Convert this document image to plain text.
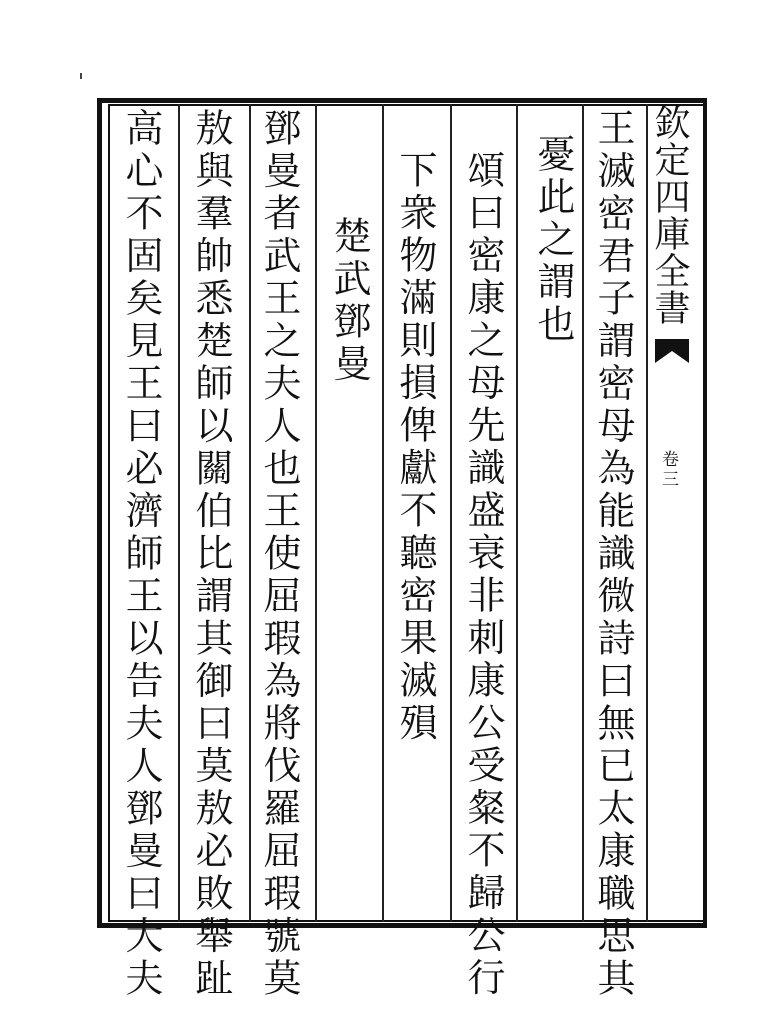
欽定四庫全書
卷三
王滅密君子謂密母為能識微詩曰無已太康職思其
憂此之謂也
頌曰密康之母先識盛衰非刺康公受粲不歸公行
下衆物滿則損俾獻不聽密果滅殞
楚武鄧曼
鄧曼者武王之夫人也王使屈瑕為將伐羅屈瑕號莫
敖與羣帥悉楚師以關伯比謂其御曰莫敖必敗舉趾
高心不固矣見王曰必濟師王以告夫人鄧曼曰大夫
